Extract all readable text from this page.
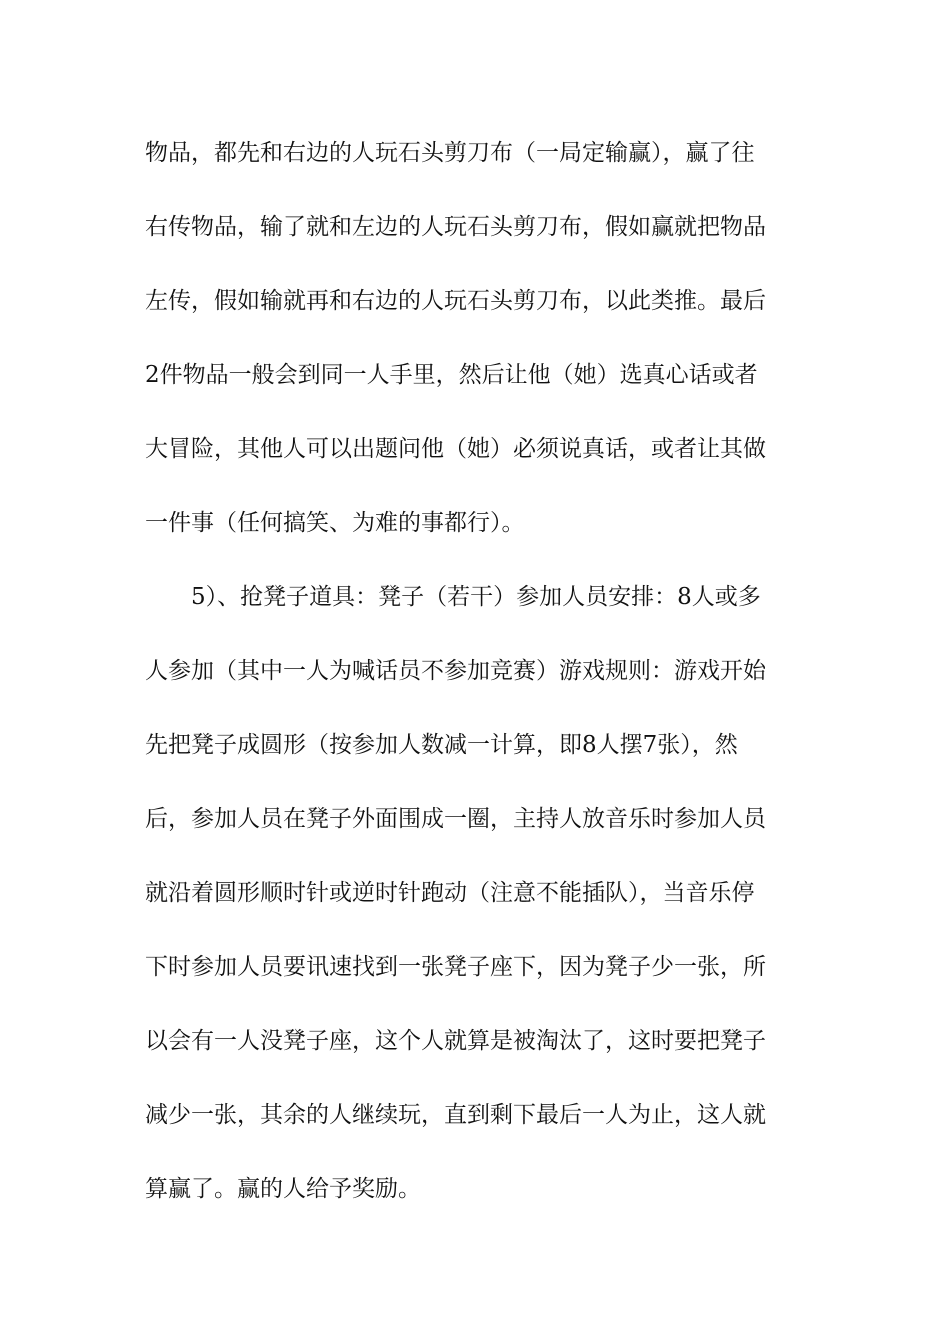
物品，都先和右边的人玩石头剪刀布（一局定输赢），赢了往
右传物品，输了就和左边的人玩石头剪刀布，假如赢就把物品
左传，假如输就再和右边的人玩石头剪刀布，以此类推。最后
2件物品一般会到同一人手里，然后让他（她）选真心话或者
大冒险，其他人可以出题问他（她）必须说真话，或者让其做
一件事（任何搞笑、为难的事都行）。
5）、抢凳子道具：凳子（若干）参加人员安排：8人或多
人参加（其中一人为喊话员不参加竞赛）游戏规则：游戏开始
先把凳子成圆形（按参加人数减一计算，即8人摆7张），然
后，参加人员在凳子外面围成一圈，主持人放音乐时参加人员
就沿着圆形顺时针或逆时针跑动（注意不能插队），当音乐停
下时参加人员要讯速找到一张凳子座下，因为凳子少一张，所
以会有一人没凳子座，这个人就算是被淘汰了，这时要把凳子
减少一张，其余的人继续玩，直到剩下最后一人为止，这人就
算赢了。赢的人给予奖励。
